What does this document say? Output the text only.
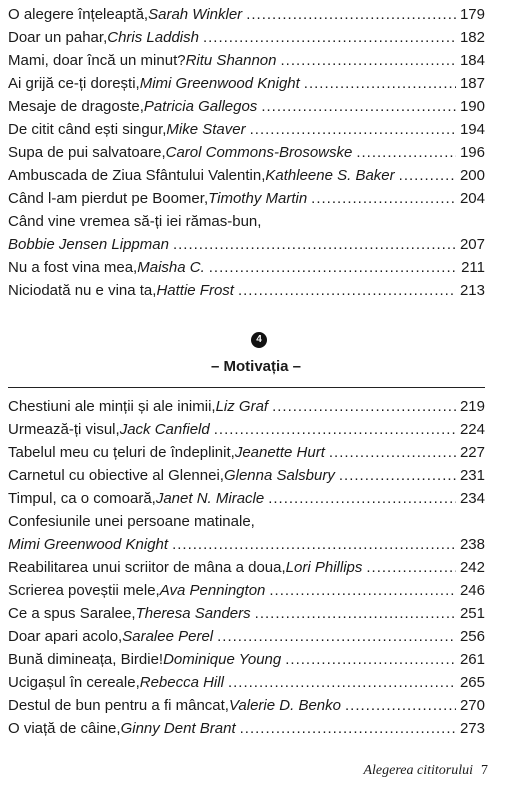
O alegere înțeleaptă, Sarah Winkler .....	179
Doar un pahar, Chris Laddish .....	182
Mami, doar încă un minut? Ritu Shannon .....	184
Ai grijă ce-ți dorești, Mimi Greenwood Knight .....	187
Mesaje de dragoste, Patricia Gallegos .....	190
De citit când ești singur, Mike Staver .....	194
Supa de pui salvatoare, Carol Commons-Brosowske .....	196
Ambuscada de Ziua Sfântului Valentin, Kathleene S. Baker .....	200
Când l-am pierdut pe Boomer, Timothy Martin .....	204
Când vine vremea să-ți iei rămas-bun,
Bobbie Jensen Lippman .....	207
Nu a fost vina mea, Maisha C. .....	211
Niciodată nu e vina ta, Hattie Frost .....	213
4
– Motivația –
Chestiuni ale minții și ale inimii, Liz Graf .....	219
Urmează-ți visul, Jack Canfield .....	224
Tabelul meu cu țeluri de îndeplinit, Jeanette Hurt .....	227
Carnetul cu obiective al Glennei, Glenna Salsbury .....	231
Timpul, ca o comoară, Janet N. Miracle .....	234
Confesiunile unei persoane matinale,
Mimi Greenwood Knight .....	238
Reabilitarea unui scriitor de mâna a doua, Lori Phillips .....	242
Scrierea poveștii mele, Ava Pennington .....	246
Ce a spus Saralee, Theresa Sanders .....	251
Doar apari acolo, Saralee Perel .....	256
Bună dimineața, Birdie! Dominique Young .....	261
Ucigașul în cereale, Rebecca Hill .....	265
Destul de bun pentru a fi mâncat, Valerie D. Benko .....	270
O viață de câine, Ginny Dent Brant .....	273
Alegerea cititorului 7
